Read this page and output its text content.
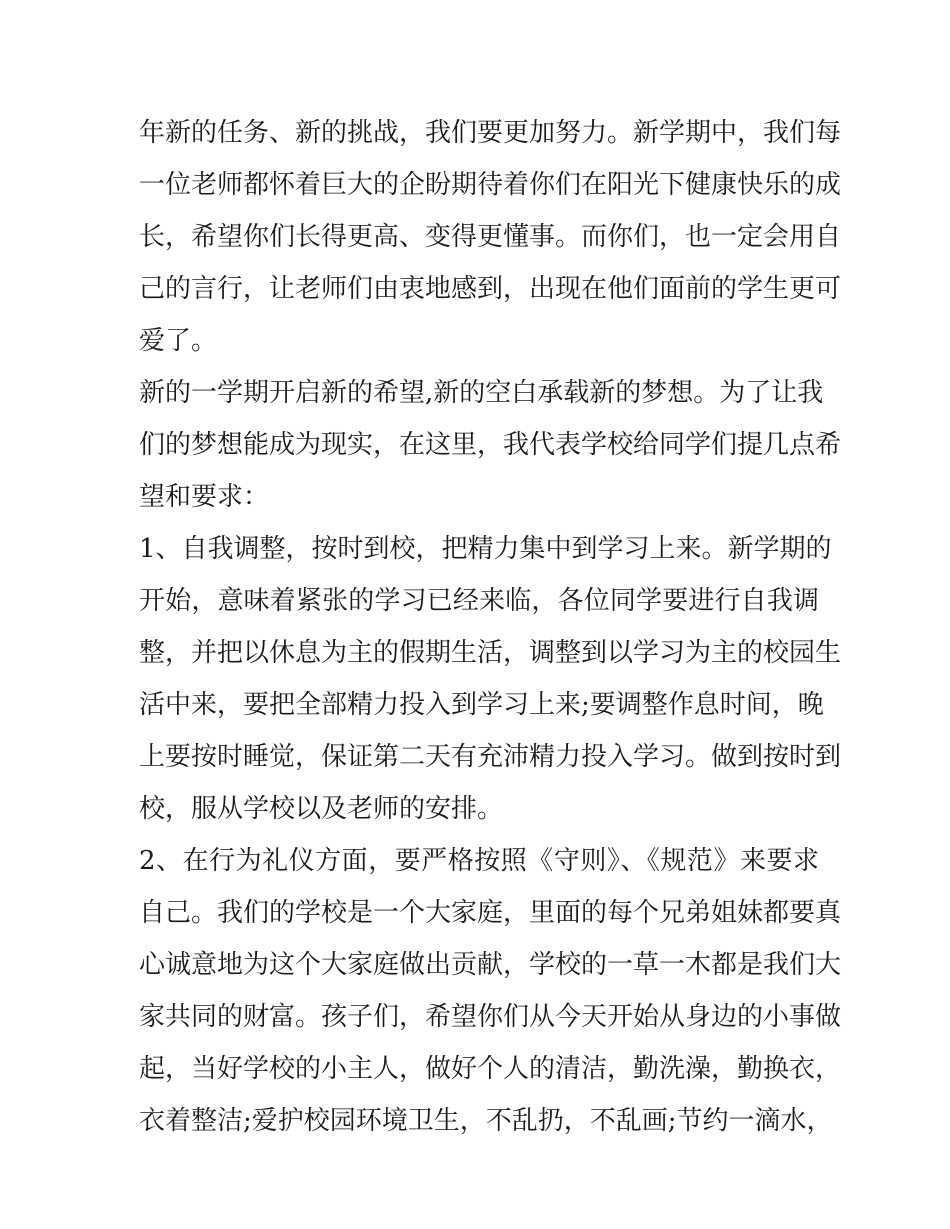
年新的任务、新的挑战，我们要更加努力。新学期中，我们每
一位老师都怀着巨大的企盼期待着你们在阳光下健康快乐的成
长，希望你们长得更高、变得更懂事。而你们，也一定会用自
己的言行，让老师们由衷地感到，出现在他们面前的学生更可
爱了。
新的一学期开启新的希望,新的空白承载新的梦想。为了让我
们的梦想能成为现实，在这里，我代表学校给同学们提几点希
望和要求：
1、自我调整，按时到校，把精力集中到学习上来。新学期的
开始，意味着紧张的学习已经来临，各位同学要进行自我调
整，并把以休息为主的假期生活，调整到以学习为主的校园生
活中来，要把全部精力投入到学习上来;要调整作息时间，晚
上要按时睡觉，保证第二天有充沛精力投入学习。做到按时到
校，服从学校以及老师的安排。
2、在行为礼仪方面，要严格按照《守则》、《规范》来要求
自己。我们的学校是一个大家庭，里面的每个兄弟姐妹都要真
心诚意地为这个大家庭做出贡献，学校的一草一木都是我们大
家共同的财富。孩子们，希望你们从今天开始从身边的小事做
起，当好学校的小主人，做好个人的清洁，勤洗澡，勤换衣，
衣着整洁;爱护校园环境卫生，不乱扔，不乱画;节约一滴水，
